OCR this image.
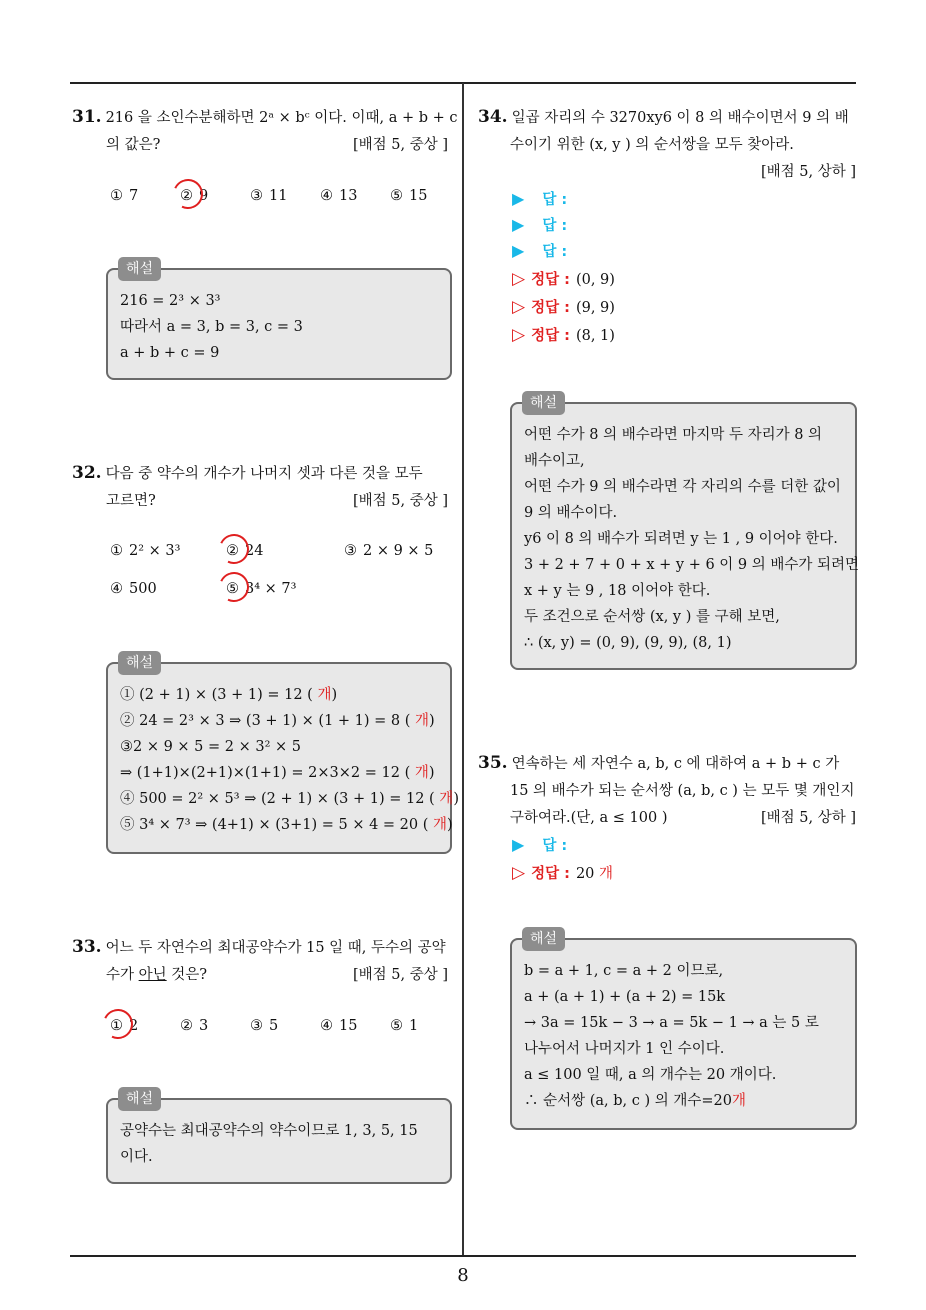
31. 216 을 소인수분해하면 2ᵃ × bᶜ 이다. 이때, a + b + c
의 값은?	[배점 5, 중상 ]
① 7	② 9	③ 11 ④ 13 ⑤ 15
해설
216 = 2³ × 3³
따라서 a = 3, b = 3, c = 3
a + b + c = 9
32. 다음 중 약수의 개수가 나머지 셋과 다른 것을 모두
고르면?	[배점 5, 중상 ]
① 2² × 3³	② 24	③ 2 × 9 × 5
④ 500	⑤ 3⁴ × 7³
해설
① (2 + 1) × (3 + 1) = 12 ( 개)
② 24 = 2³ × 3 ⇒ (3 + 1) × (1 + 1) = 8 ( 개)
③2 × 9 × 5 = 2 × 3² × 5
⇒ (1+1)×(2+1)×(1+1) = 2×3×2 = 12 ( 개)
④ 500 = 2² × 5³ ⇒ (2 + 1) × (3 + 1) = 12 ( 개)
⑤ 3⁴ × 7³ ⇒ (4+1) × (3+1) = 5 × 4 = 20 ( 개)
33. 어느 두 자연수의 최대공약수가 15 일 때, 두수의 공약
수가 아닌 것은?	[배점 5, 중상 ]
① 2	② 3	③ 5	④ 15 ⑤ 1
해설
공약수는 최대공약수의 약수이므로 1, 3, 5, 15
이다.
34. 일곱 자리의 수 3270xy6 이 8 의 배수이면서 9 의 배
수이기 위한 (x, y ) 의 순서쌍을 모두 찾아라.
[배점 5, 상하 ]
▶ 답 :
▶ 답 :
▶ 답 :
▷ 정답 : (0, 9)
▷ 정답 : (9, 9)
▷ 정답 : (8, 1)
해설
어떤 수가 8 의 배수라면 마지막 두 자리가 8 의
배수이고,
어떤 수가 9 의 배수라면 각 자리의 수를 더한 값이
9 의 배수이다.
y6 이 8 의 배수가 되려면 y 는 1 , 9 이어야 한다.
3 + 2 + 7 + 0 + x + y + 6 이 9 의 배수가 되려면
x + y 는 9 , 18 이어야 한다.
두 조건으로 순서쌍 (x, y ) 를 구해 보면,
∴ (x, y) = (0, 9), (9, 9), (8, 1)
35. 연속하는 세 자연수 a, b, c 에 대하여 a + b + c 가
15 의 배수가 되는 순서쌍 (a, b, c ) 는 모두 몇 개인지
구하여라.(단, a ≤ 100 )	[배점 5, 상하 ]
▶ 답 :
▷ 정답 : 20 개
해설
b = a + 1, c = a + 2 이므로,
a + (a + 1) + (a + 2) = 15k
→ 3a = 15k − 3 → a = 5k − 1 → a 는 5 로
나누어서 나머지가 1 인 수이다.
a ≤ 100 일 때, a 의 개수는 20 개이다.
∴ 순서쌍 (a, b, c ) 의 개수=20개
8
